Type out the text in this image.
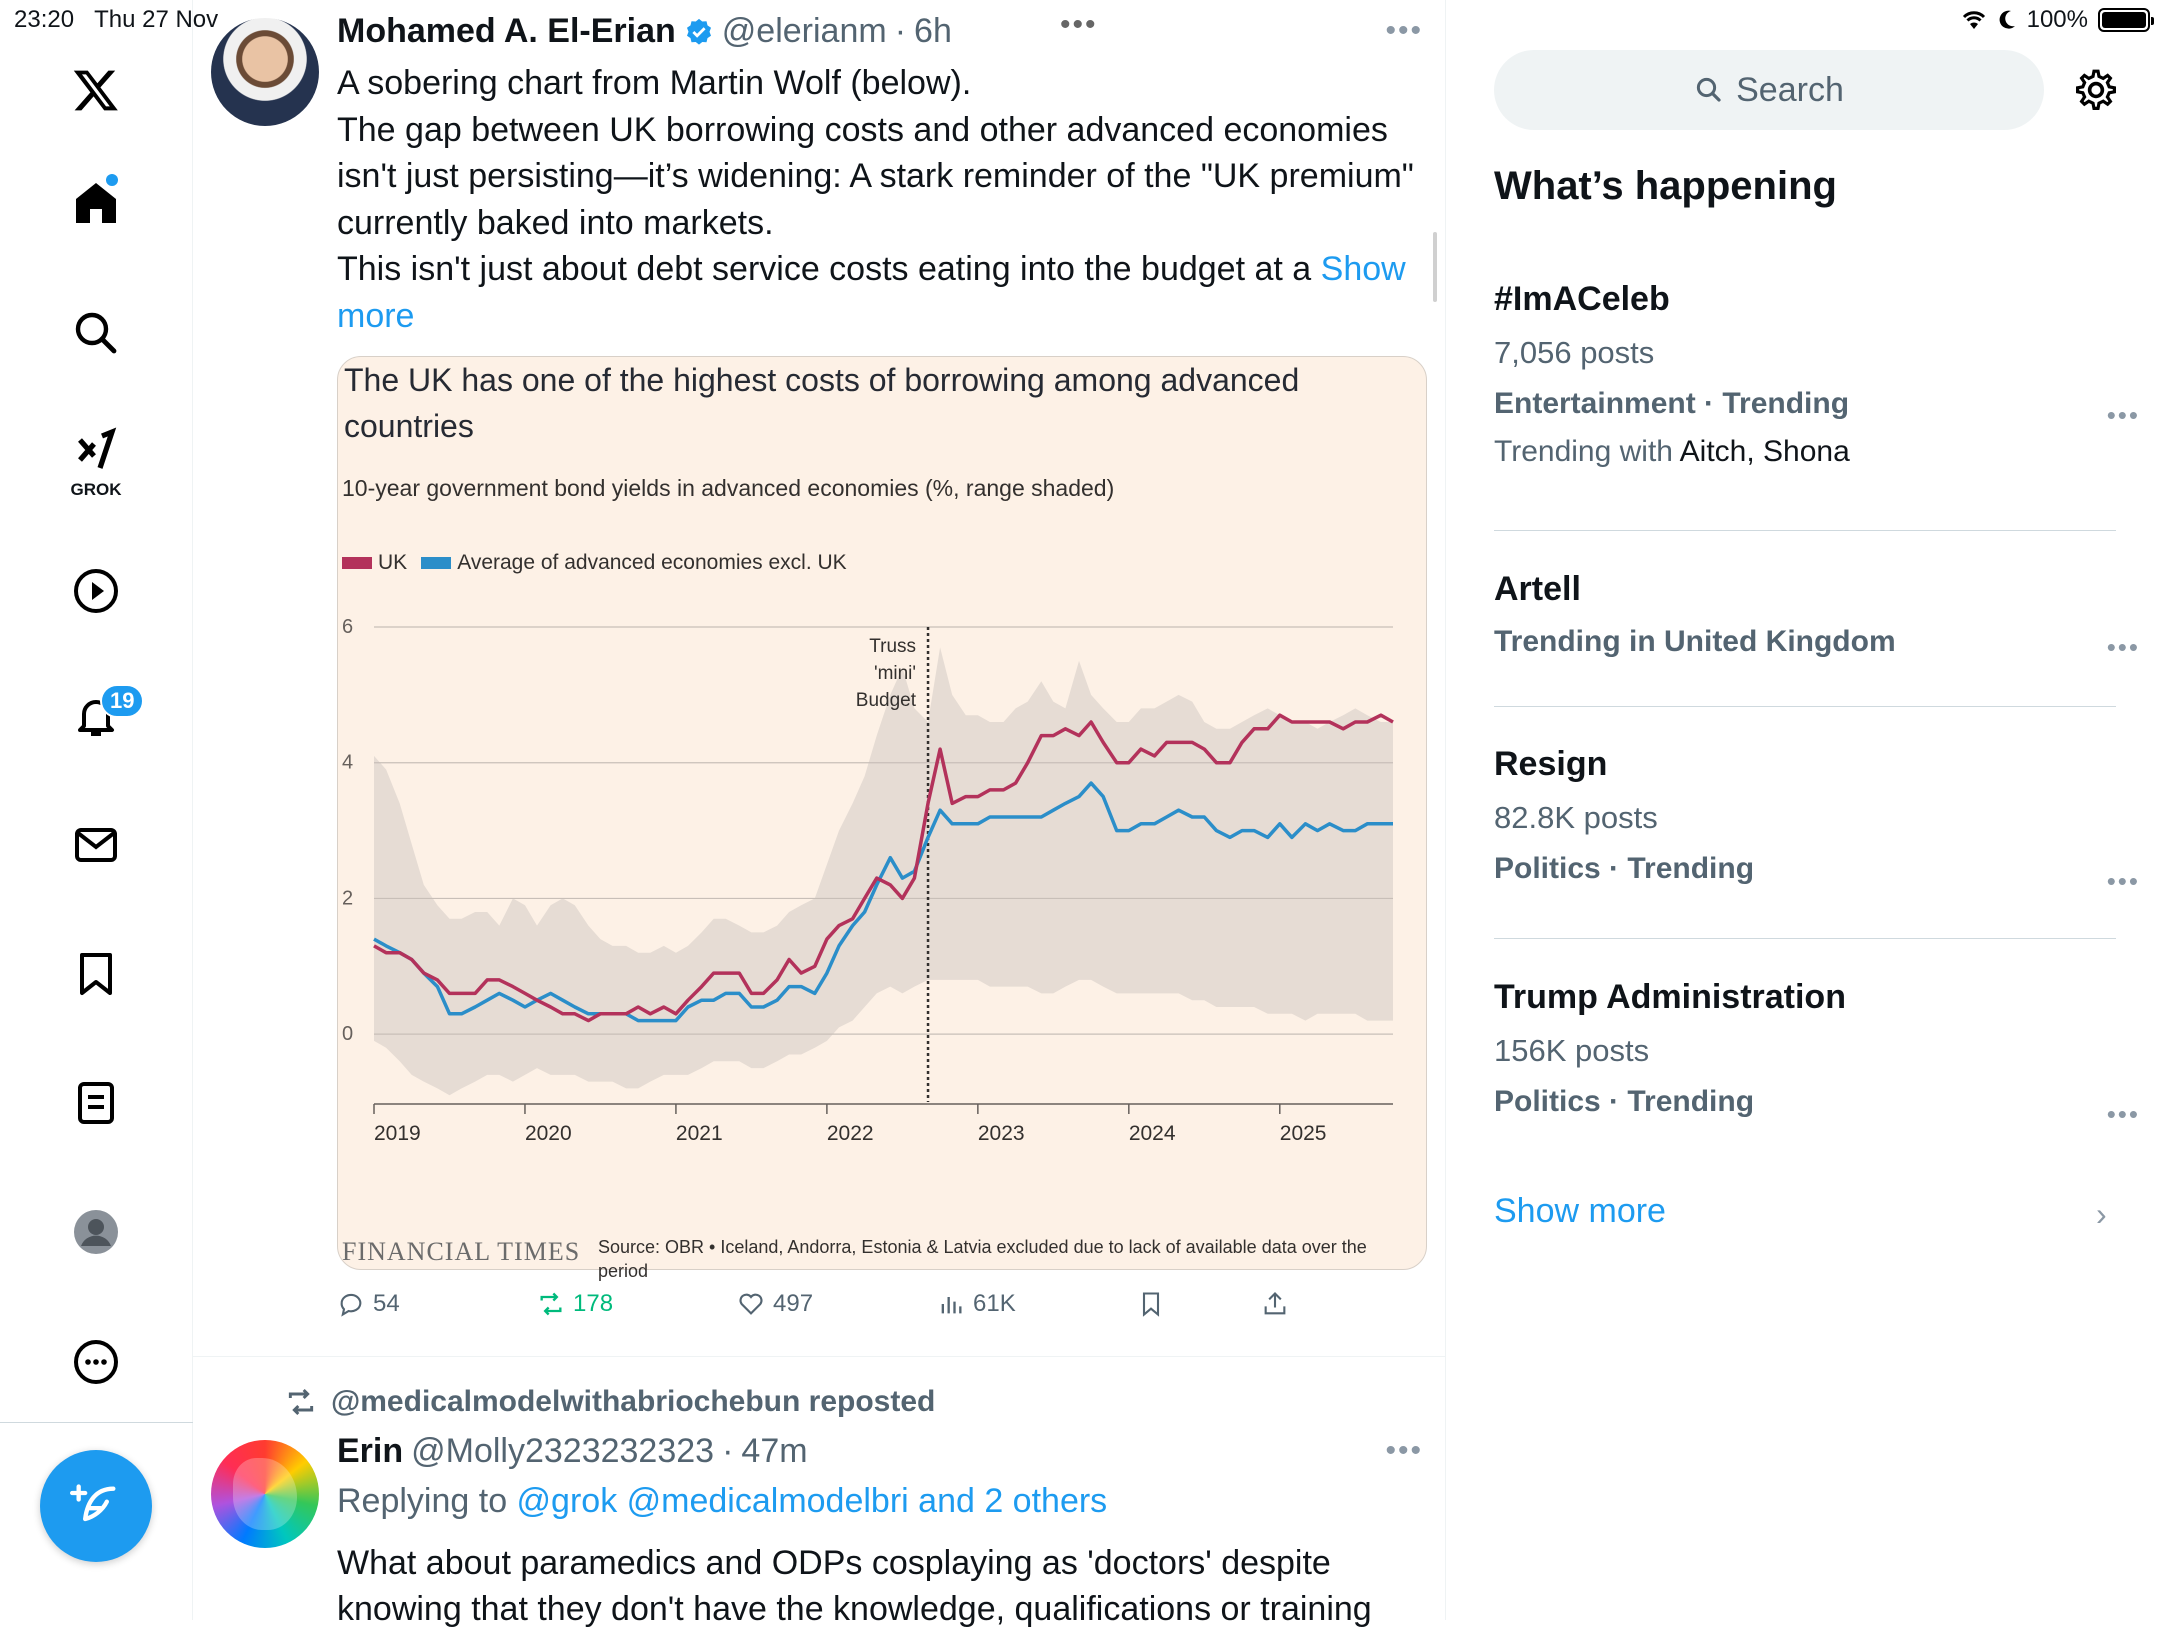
23:20 Thu 27 Nov	•••	100%
GROK
19
Mohamed A. El-Erian @elerianm · 6h	•••

A sobering chart from Martin Wolf (below).

The gap between UK borrowing costs and other advanced economies isn't just persisting—it’s widening: A stark reminder of the "UK premium" currently baked into markets.

This isn't just about debt service costs eating into the budget at a Show more

The UK has one of the highest costs of borrowing among advanced countries
10-year government bond yields in advanced economies (%, range shaded)
UK Average of advanced economies excl. UK
0
2
4
6
2019	2020	2021	2022	2023	2024	2025
Truss
'mini'
Budget
FINANCIAL TIMES Source: OBR • Iceland, Andorra, Estonia & Latvia excluded due to lack of available data over the period
54	178	497	61K
@medicalmodelwithabriochebun reposted
Erin @Molly2323232323 · 47m	•••
Replying to @grok @medicalmodelbri and 2 others
What about paramedics and ODPs cosplaying as 'doctors' despite knowing that they don't have the knowledge, qualifications or training
Search
What’s happening
#ImACeleb
7,056 posts
Entertainment · Trending
Trending with Aitch, Shona
•••
Artell
Trending in United Kingdom	•••
Resign
82.8K posts
Politics · Trending	•••
Trump Administration
156K posts
Politics · Trending	•••
Show more	›
